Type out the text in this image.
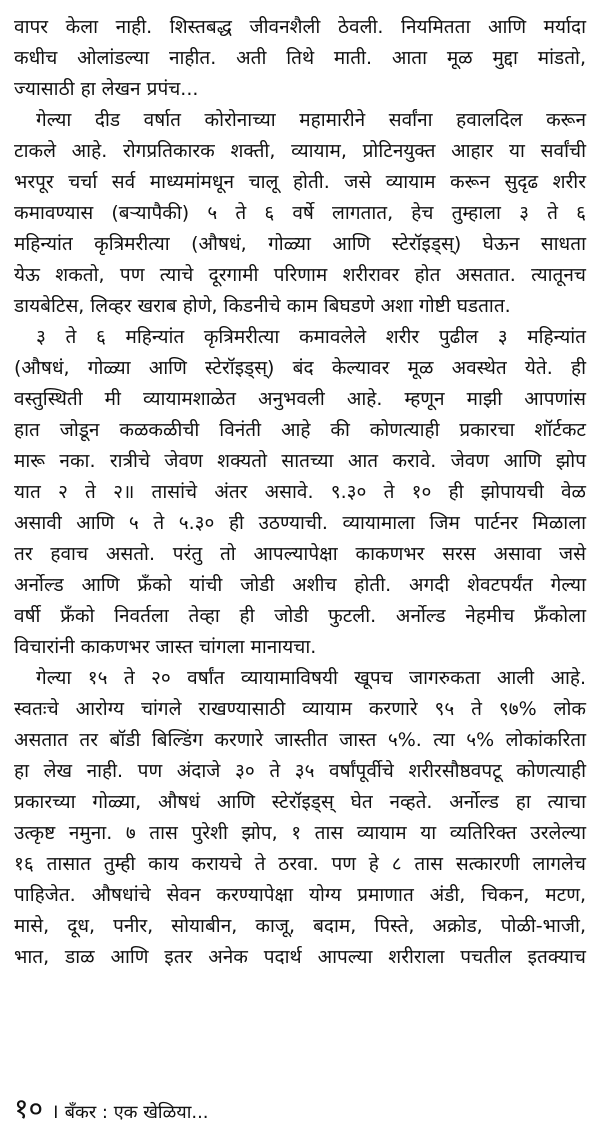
वापर केला नाही. शिस्तबद्ध जीवनशैली ठेवली. नियमितता आणि मर्यादा
कधीच ओलांडल्या नाहीत. अती तिथे माती. आता मूळ मुद्दा मांडतो,
ज्यासाठी हा लेखन प्रपंच...
गेल्या दीड वर्षात कोरोनाच्या महामारीने सर्वांना हवालदिल करून
टाकले आहे. रोगप्रतिकारक शक्ती, व्यायाम, प्रोटिनयुक्त आहार या सर्वांची
भरपूर चर्चा सर्व माध्यमांमधून चालू होती. जसे व्यायाम करून सुदृढ शरीर
कमावण्यास (बऱ्यापैकी) ५ ते ६ वर्षे लागतात, हेच तुम्हाला ३ ते ६
महिन्यांत कृत्रिमरीत्या (औषधं, गोळ्या आणि स्टेरॉइड्स्) घेऊन साधता
येऊ शकतो, पण त्याचे दूरगामी परिणाम शरीरावर होत असतात. त्यातूनच
डायबेटिस, लिव्हर खराब होणे, किडनीचे काम बिघडणे अशा गोष्टी घडतात.
३ ते ६ महिन्यांत कृत्रिमरीत्या कमावलेले शरीर पुढील ३ महिन्यांत
(औषधं, गोळ्या आणि स्टेरॉइड्स्) बंद केल्यावर मूळ अवस्थेत येते. ही
वस्तुस्थिती मी व्यायामशाळेत अनुभवली आहे. म्हणून माझी आपणांस
हात जोडून कळकळीची विनंती आहे की कोणत्याही प्रकारचा शॉर्टकट
मारू नका. रात्रीचे जेवण शक्यतो सातच्या आत करावे. जेवण आणि झोप
यात २ ते २॥ तासांचे अंतर असावे. ९.३० ते १० ही झोपायची वेळ
असावी आणि ५ ते ५.३० ही उठण्याची. व्यायामाला जिम पार्टनर मिळाला
तर हवाच असतो. परंतु तो आपल्यापेक्षा काकणभर सरस असावा जसे
अर्नोल्ड आणि फ्रँको यांची जोडी अशीच होती. अगदी शेवटपर्यंत गेल्या
वर्षी फ्रँको निवर्तला तेव्हा ही जोडी फुटली. अर्नोल्ड नेहमीच फ्रँकोला
विचारांनी काकणभर जास्त चांगला मानायचा.
गेल्या १५ ते २० वर्षांत व्यायामाविषयी खूपच जागरुकता आली आहे.
स्वतःचे आरोग्य चांगले राखण्यासाठी व्यायाम करणारे ९५ ते ९७% लोक
असतात तर बॉडी बिल्डिंग करणारे जास्तीत जास्त ५%. त्या ५% लोकांकरिता
हा लेख नाही. पण अंदाजे ३० ते ३५ वर्षांपूर्वीचे शरीरसौष्ठवपटू कोणत्याही
प्रकारच्या गोळ्या, औषधं आणि स्टेरॉइड्स् घेत नव्हते. अर्नोल्ड हा त्याचा
उत्कृष्ट नमुना. ७ तास पुरेशी झोप, १ तास व्यायाम या व्यतिरिक्त उरलेल्या
१६ तासात तुम्ही काय करायचे ते ठरवा. पण हे ८ तास सत्कारणी लागलेच
पाहिजेत. औषधांचे सेवन करण्यापेक्षा योग्य प्रमाणात अंडी, चिकन, मटण,
मासे, दूध, पनीर, सोयाबीन, काजू, बदाम, पिस्ते, अक्रोड, पोळी-भाजी,
भात, डाळ आणि इतर अनेक पदार्थ आपल्या शरीराला पचतील इतक्याच
१० । बँकर : एक खेळिया...
